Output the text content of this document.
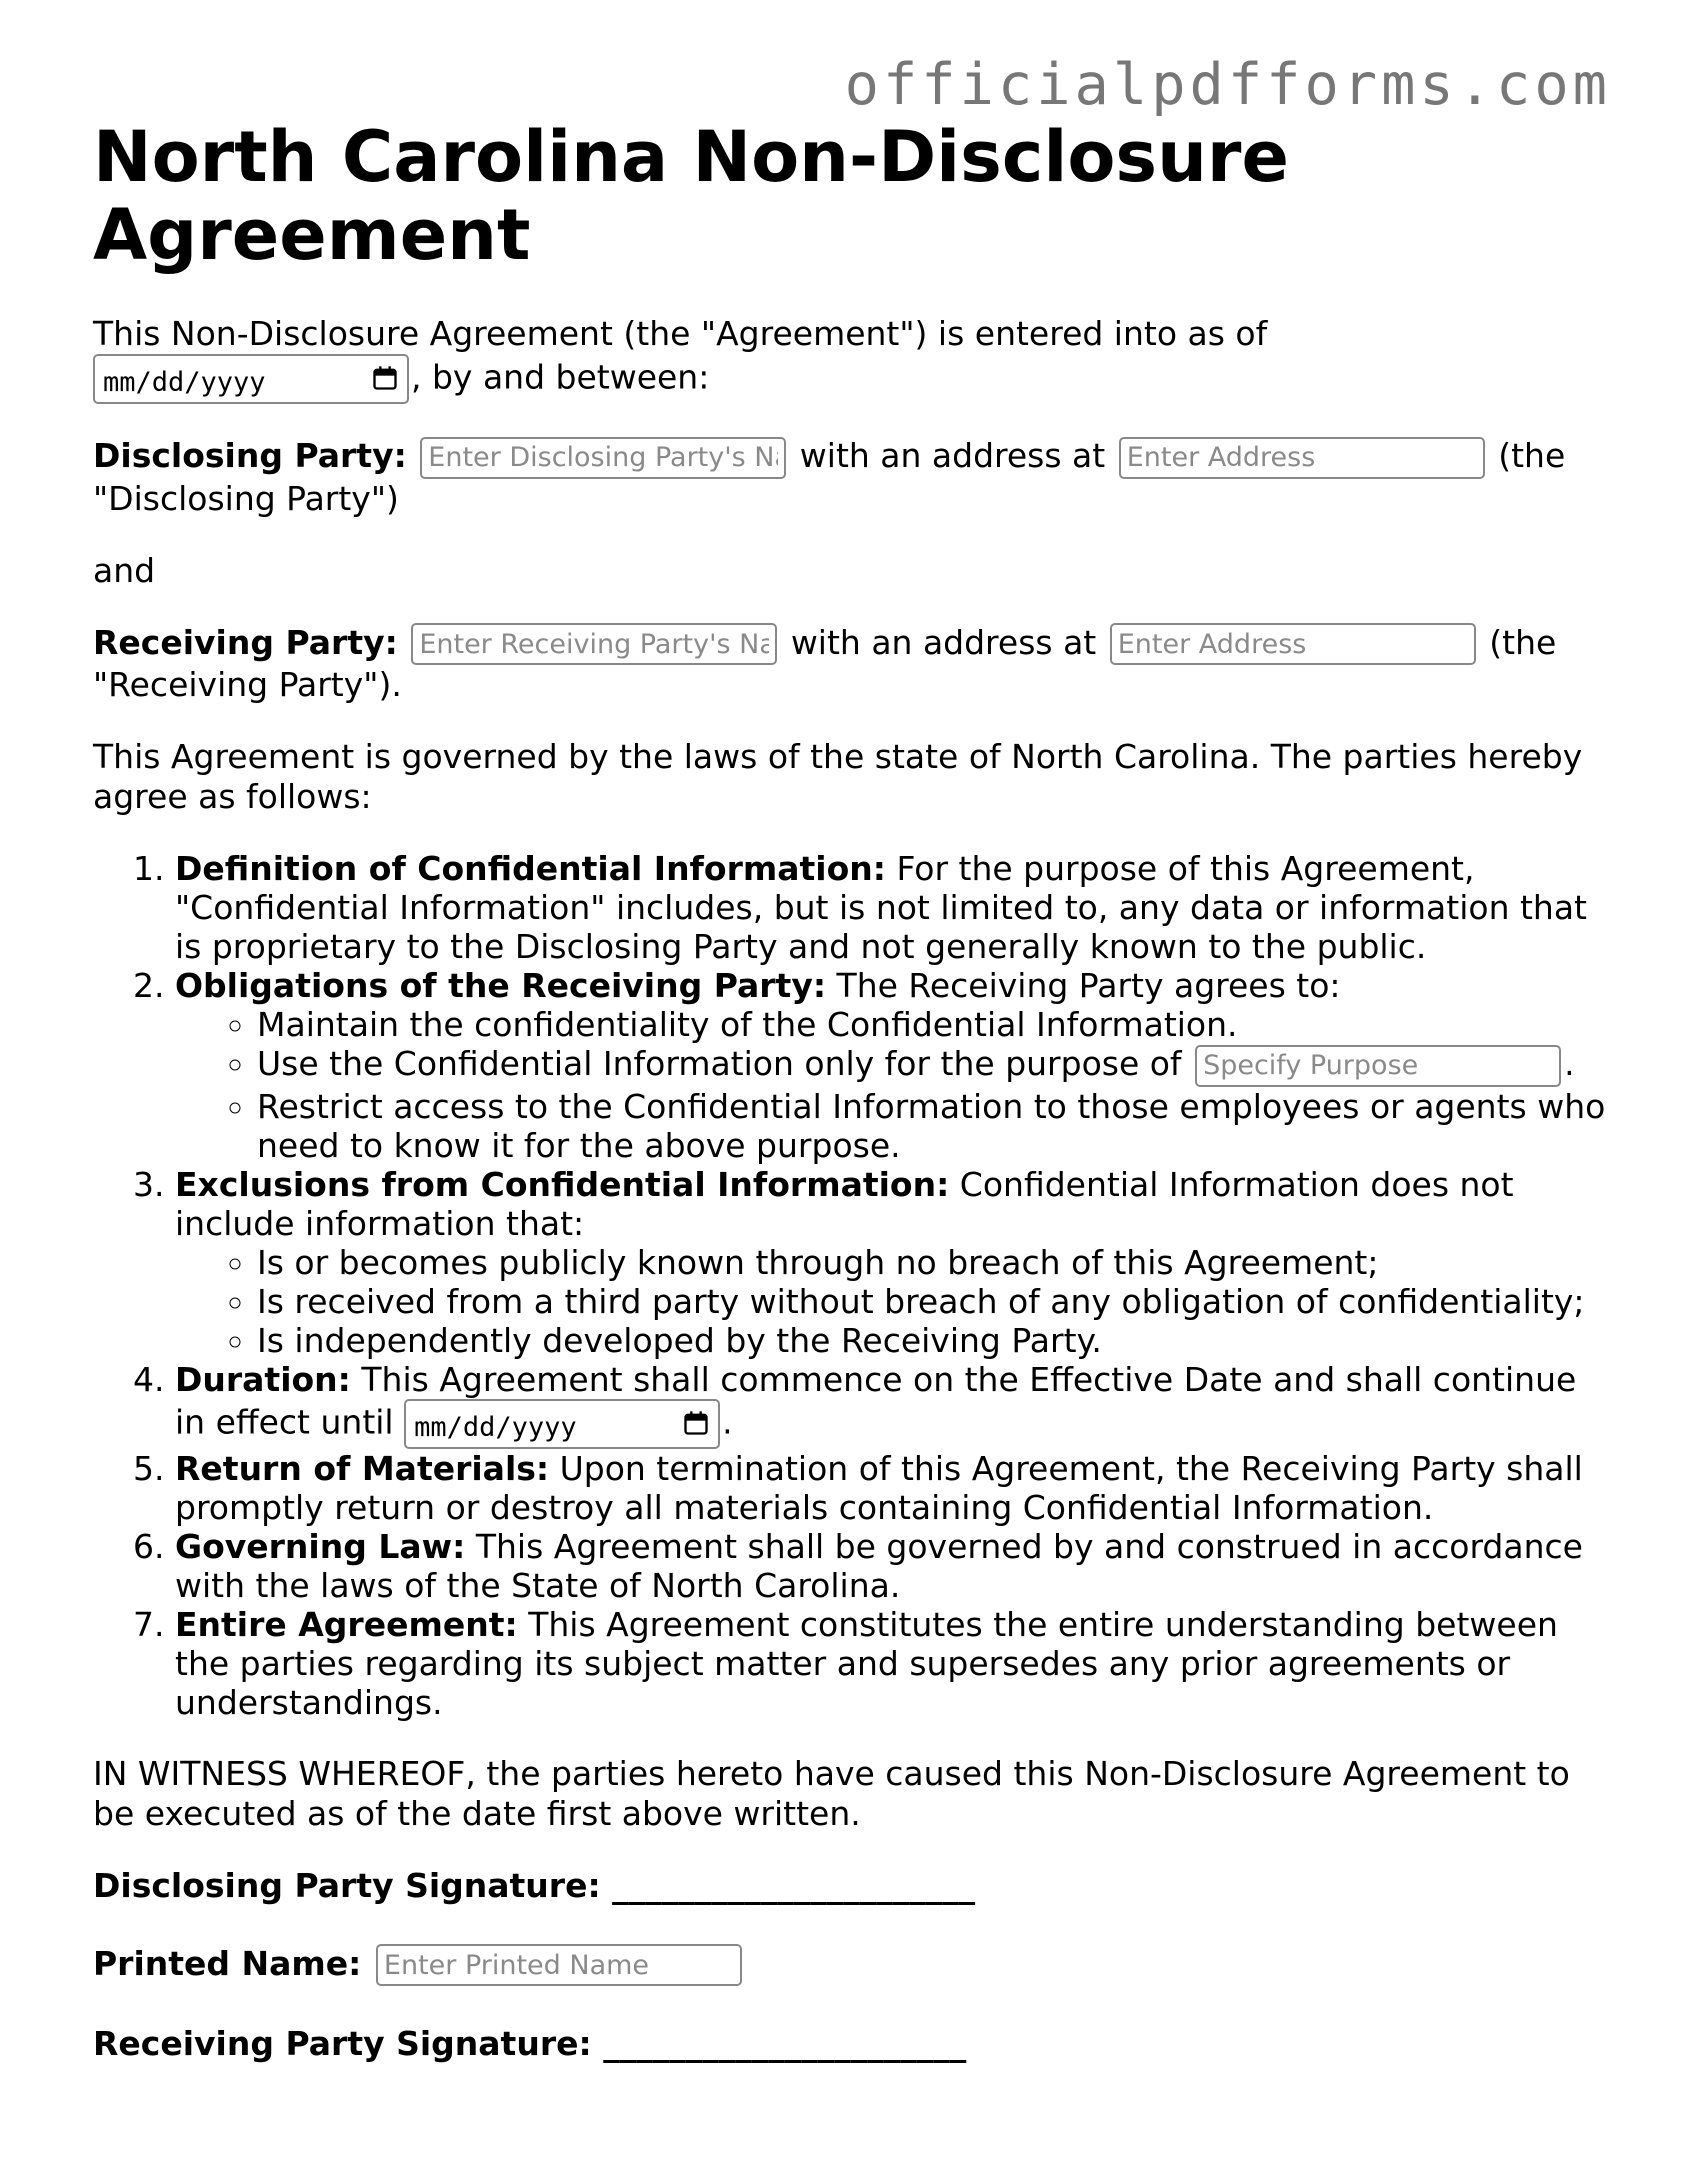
officialpdfforms.com
North Carolina Non-Disclosure Agreement

This Non-Disclosure Agreement (the "Agreement") is entered into as of
mm/dd/yyyy	, by and between:

Disclosing Party: Enter Disclosing Party's Name	with an address at Enter Address	(the "Disclosing Party")

and

Receiving Party: Enter Receiving Party's Name	with an address at Enter Address	(the "Receiving Party").

This Agreement is governed by the laws of the state of North Carolina. The parties hereby agree as follows:

1. Definition of Confidential Information: For the purpose of this Agreement, "Confidential Information" includes, but is not limited to, any data or information that is proprietary to the Disclosing Party and not generally known to the public.
2. Obligations of the Receiving Party: The Receiving Party agrees to:
◦ Maintain the confidentiality of the Confidential Information.
◦ Use the Confidential Information only for the purpose of Specify Purpose	.
◦ Restrict access to the Confidential Information to those employees or agents who need to know it for the above purpose.
3. Exclusions from Confidential Information: Confidential Information does not include information that:
◦ Is or becomes publicly known through no breach of this Agreement;
◦ Is received from a third party without breach of any obligation of confidentiality;
◦ Is independently developed by the Receiving Party.
4. Duration: This Agreement shall commence on the Effective Date and shall continue in effect until mm/dd/yyyy	.
5. Return of Materials: Upon termination of this Agreement, the Receiving Party shall promptly return or destroy all materials containing Confidential Information.
6. Governing Law: This Agreement shall be governed by and construed in accordance with the laws of the State of North Carolina.
7. Entire Agreement: This Agreement constitutes the entire understanding between the parties regarding its subject matter and supersedes any prior agreements or understandings.

IN WITNESS WHEREOF, the parties hereto have caused this Non-Disclosure Agreement to be executed as of the date first above written.

Disclosing Party Signature: ______________________
Printed Name: Enter Printed Name
Receiving Party Signature: ______________________
